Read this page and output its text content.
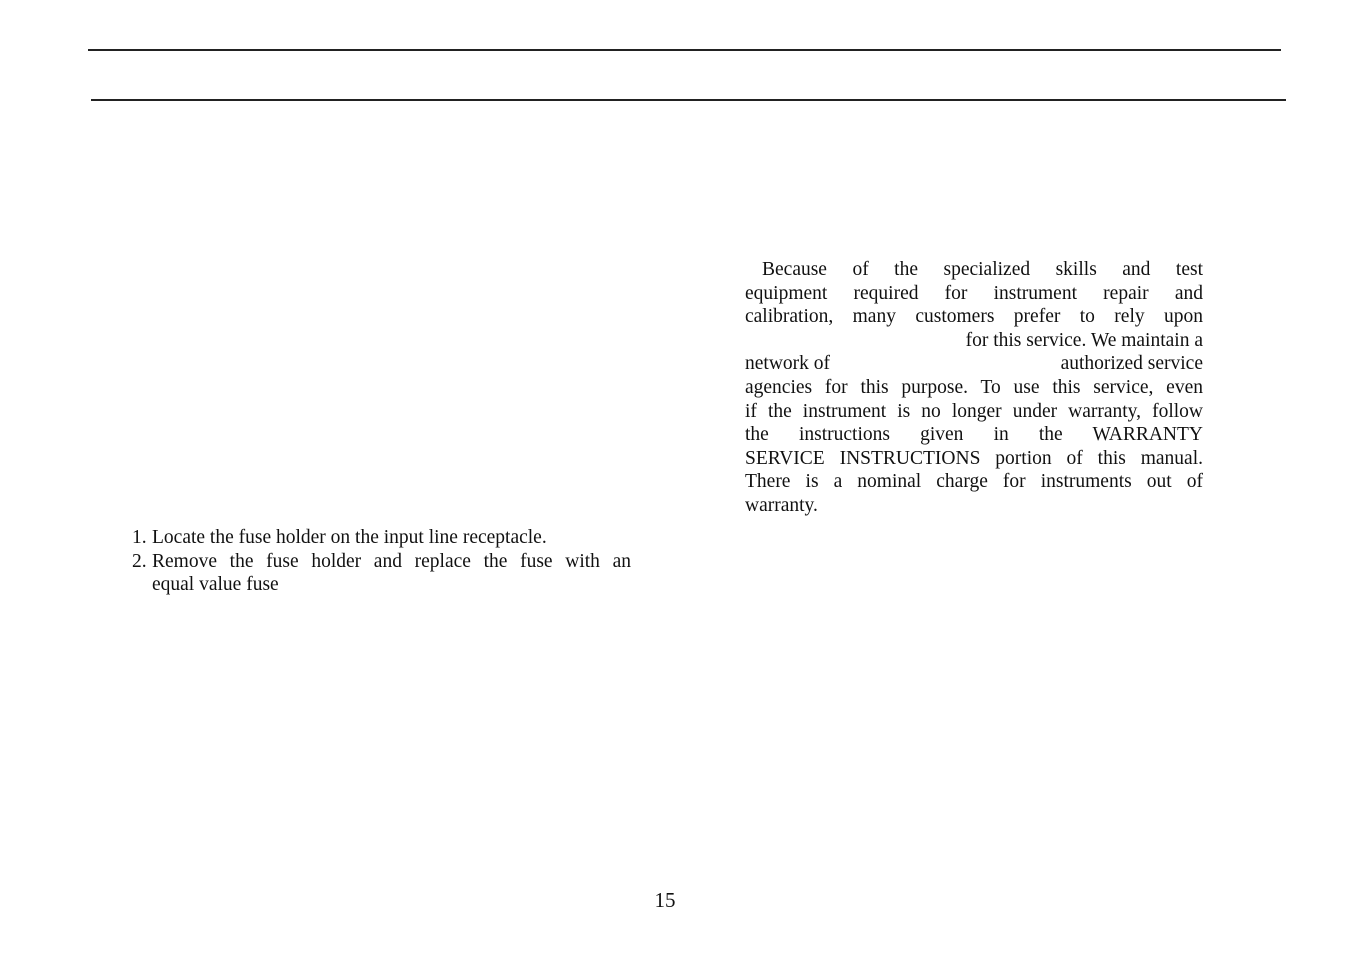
Because of the specialized skills and test
equipment required for instrument repair and
calibration, many customers prefer to rely upon
for this service. We maintain a
network of	authorized service
agencies for this purpose. To use this service, even
if the instrument is no longer under warranty, follow
the instructions given in the WARRANTY
SERVICE INSTRUCTIONS portion of this manual.
There is a nominal charge for instruments out of
warranty.
1. Locate the fuse holder on the input line receptacle.
2. Remove the fuse holder and replace the fuse with an
equal value fuse
15
